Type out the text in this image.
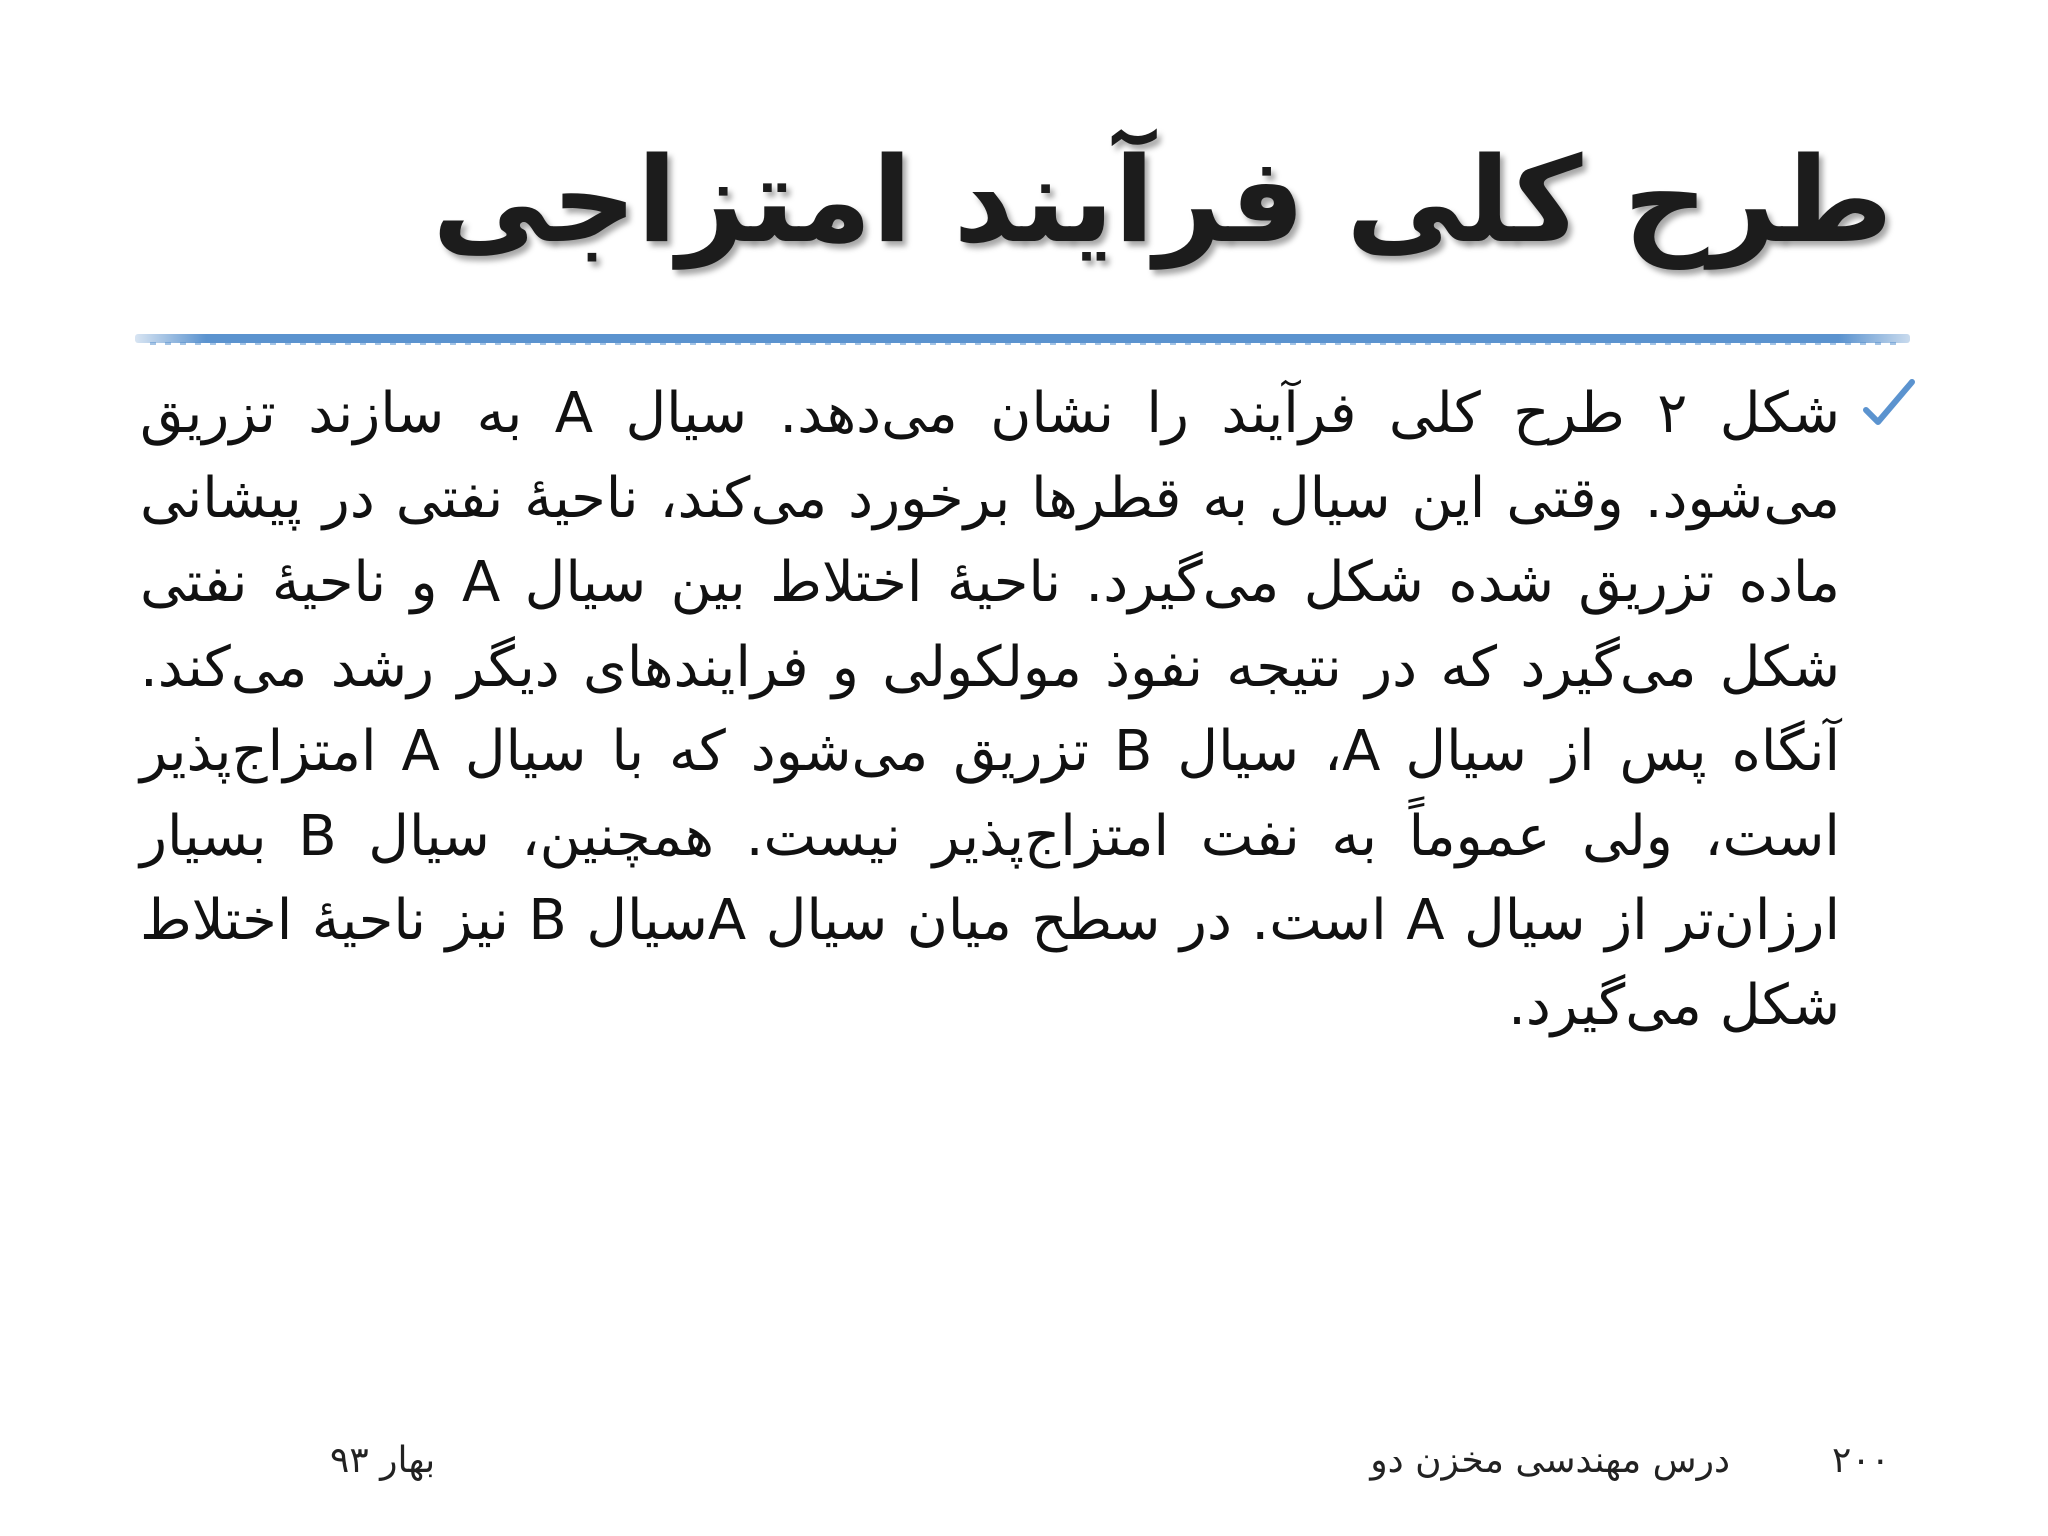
طرح کلی فرآیند امتزاجی
شکل ۲ طرح کلی فرآیند را نشان می‌دهد. سیال A به سازند تزریق می‌شود. وقتی این سیال به قطرها برخورد می‌کند، ناحیهٔ نفتی در پیشانی ماده تزریق شده شکل می‌گیرد. ناحیهٔ اختلاط بین سیال A و ناحیهٔ نفتی شکل می‌گیرد که در نتیجه نفوذ مولکولی و فرایندهای دیگر رشد می‌کند. آنگاه پس از سیال A، سیال B تزریق می‌شود که با سیال A امتزاج‌پذیر است، ولی عموماً به نفت امتزاج‌پذیر نیست. همچنین، سیال B بسیار ارزان‌تر از سیال A است. در سطح میان سیال Aسیال B نیز ناحیهٔ اختلاط شکل می‌گیرد.
۲۰۰
درس مهندسی مخزن دو
بهار ۹۳
